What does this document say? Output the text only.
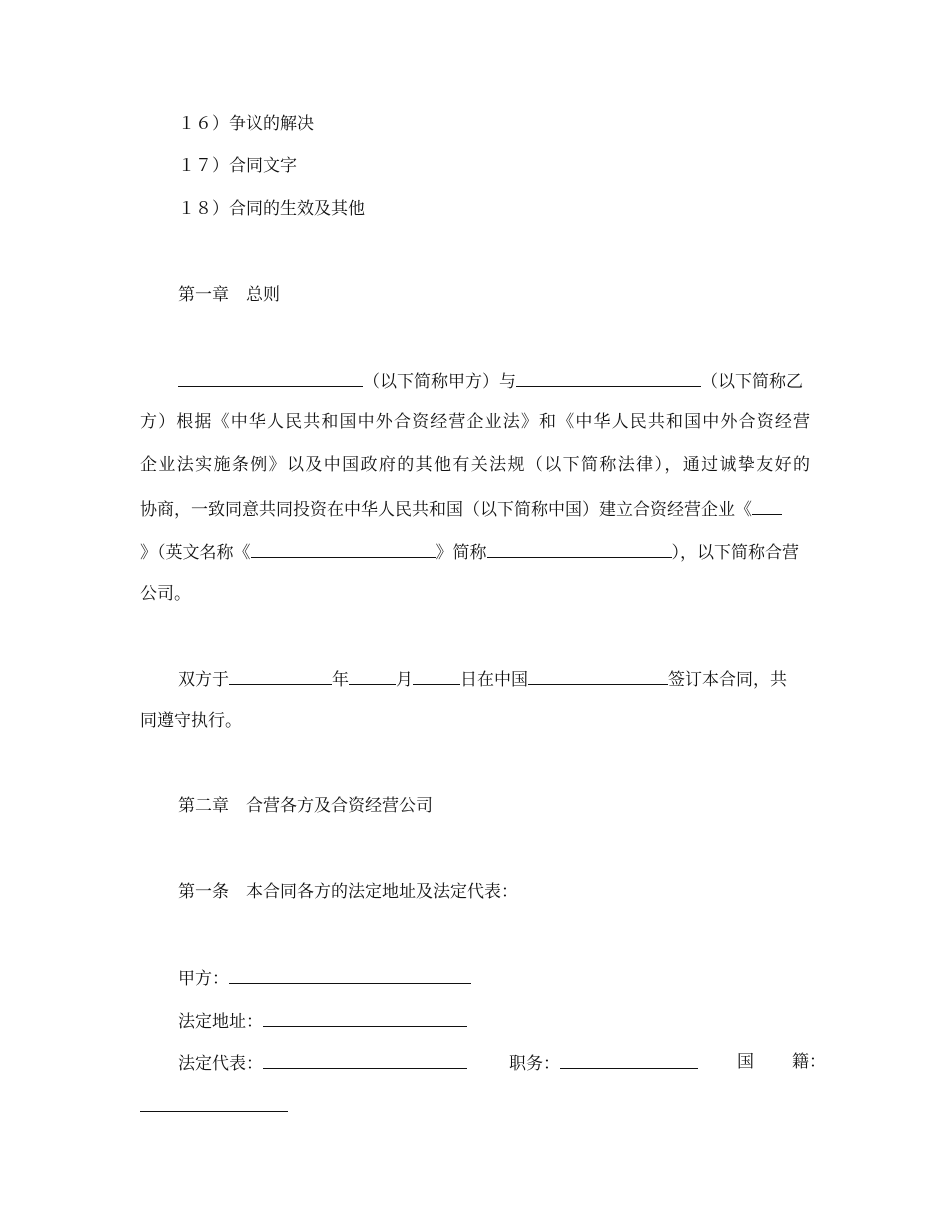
１６）争议的解决
１７）合同文字
１８）合同的生效及其他
第一章　总则
（以下简称甲方）与	（以下简称乙
方）根据《中华人民共和国中外合资经营企业法》和《中华人民共和国中外合资经营
企业法实施条例》以及中国政府的其他有关法规（以下简称法律），通过诚挚友好的
协商，一致同意共同投资在中华人民共和国（以下简称中国）建立合资经营企业《
》（英文名称《	》简称	），以下简称合营
公司。
双方于	年	月	日在中国	签订本合同，共
同遵守执行。
第二章　合营各方及合资经营公司
第一条　本合同各方的法定地址及法定代表：
甲方：
法定地址：
法定代表：	职务：	国 籍：
